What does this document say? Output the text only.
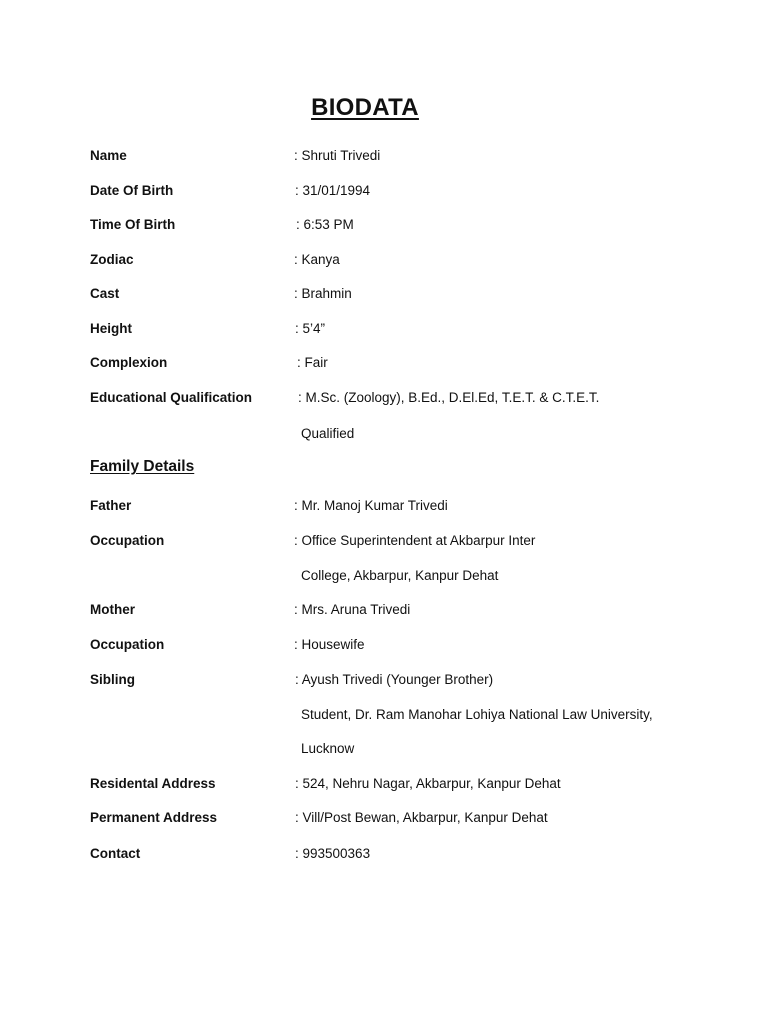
BIODATA
Name	: Shruti Trivedi
Date Of Birth	: 31/01/1994
Time Of Birth	: 6:53 PM
Zodiac	: Kanya
Cast	: Brahmin
Height	: 5’4”
Complexion	: Fair
Educational Qualification	: M.Sc. (Zoology), B.Ed., D.El.Ed, T.E.T. & C.T.E.T.
Qualified
Family Details
Father	: Mr. Manoj Kumar Trivedi
Occupation	: Office Superintendent at Akbarpur Inter
College, Akbarpur, Kanpur Dehat
Mother	: Mrs. Aruna Trivedi
Occupation	: Housewife
Sibling	: Ayush Trivedi (Younger Brother)
Student, Dr. Ram Manohar Lohiya National Law University,
Lucknow
Residental Address	: 524, Nehru Nagar, Akbarpur, Kanpur Dehat
Permanent Address	: Vill/Post Bewan, Akbarpur, Kanpur Dehat
Contact	: 993500363
